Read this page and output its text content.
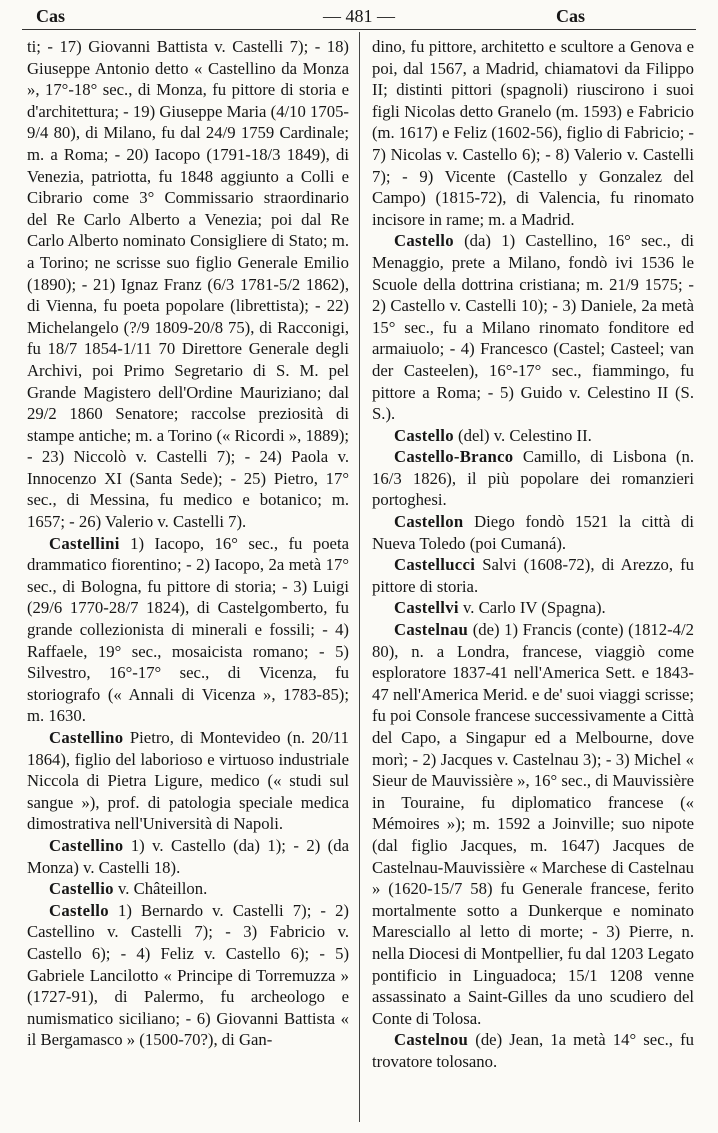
Cas	— 481 —	Cas

ti; - 17) Giovanni Battista v. Castelli 7); - 18) Giuseppe Antonio detto « Castellino da Monza », 17°-18° sec., di Monza, fu pittore di storia e d'architettura; - 19) Giuseppe Maria (4/10 1705-9/4 80), di Milano, fu dal 24/9 1759 Cardinale; m. a Roma; - 20) Iacopo (1791-18/3 1849), di Venezia, patriotta, fu 1848 aggiunto a Colli e Cibrario come 3° Commissario straordinario del Re Carlo Alberto a Venezia; poi dal Re Carlo Alberto nominato Consigliere di Stato; m. a Torino; ne scrisse suo figlio Generale Emilio (1890); - 21) Ignaz Franz (6/3 1781-5/2 1862), di Vienna, fu poeta popolare (librettista); - 22) Michelangelo (?/9 1809-20/8 75), di Racconigi, fu 18/7 1854-1/11 70 Direttore Generale degli Archivi, poi Primo Segretario di S. M. pel Grande Magistero dell'Ordine Mauriziano; dal 29/2 1860 Senatore; raccolse preziosità di stampe antiche; m. a Torino (« Ricordi », 1889); - 23) Niccolò v. Castelli 7); - 24) Paola v. Innocenzo XI (Santa Sede); - 25) Pietro, 17° sec., di Messina, fu medico e botanico; m. 1657; - 26) Valerio v. Castelli 7).

Castellini 1) Iacopo, 16° sec., fu poeta drammatico fiorentino; - 2) Iacopo, 2a metà 17° sec., di Bologna, fu pittore di storia; - 3) Luigi (29/6 1770-28/7 1824), di Castelgomberto, fu grande collezionista di minerali e fossili; - 4) Raffaele, 19° sec., mosaicista romano; - 5) Silvestro, 16°-17° sec., di Vicenza, fu storiografo (« Annali di Vicenza », 1783-85); m. 1630.

Castellino Pietro, di Montevideo (n. 20/11 1864), figlio del laborioso e virtuoso industriale Niccola di Pietra Ligure, medico (« studi sul sangue »), prof. di patologia speciale medica dimostrativa nell'Università di Napoli.

Castellino 1) v. Castello (da) 1); - 2) (da Monza) v. Castelli 18).

Castellio v. Châteillon.

Castello 1) Bernardo v. Castelli 7); - 2) Castellino v. Castelli 7); - 3) Fabricio v. Castello 6); - 4) Feliz v. Castello 6); - 5) Gabriele Lancilotto « Principe di Torremuzza » (1727-91), di Palermo, fu archeologo e numismatico siciliano; - 6) Giovanni Battista « il Bergamasco » (1500-70?), di Gan-

dino, fu pittore, architetto e scultore a Genova e poi, dal 1567, a Madrid, chiamatovi da Filippo II; distinti pittori (spagnoli) riuscirono i suoi figli Nicolas detto Granelo (m. 1593) e Fabricio (m. 1617) e Feliz (1602-56), figlio di Fabricio; - 7) Nicolas v. Castello 6); - 8) Valerio v. Castelli 7); - 9) Vicente (Castello y Gonzalez del Campo) (1815-72), di Valencia, fu rinomato incisore in rame; m. a Madrid.

Castello (da) 1) Castellino, 16° sec., di Menaggio, prete a Milano, fondò ivi 1536 le Scuole della dottrina cristiana; m. 21/9 1575; - 2) Castello v. Castelli 10); - 3) Daniele, 2a metà 15° sec., fu a Milano rinomato fonditore ed armaiuolo; - 4) Francesco (Castel; Casteel; van der Casteelen), 16°-17° sec., fiammingo, fu pittore a Roma; - 5) Guido v. Celestino II (S. S.).

Castello (del) v. Celestino II.

Castello-Branco Camillo, di Lisbona (n. 16/3 1826), il più popolare dei romanzieri portoghesi.

Castellon Diego fondò 1521 la città di Nueva Toledo (poi Cumaná).

Castellucci Salvi (1608-72), di Arezzo, fu pittore di storia.

Castellvi v. Carlo IV (Spagna).

Castelnau (de) 1) Francis (conte) (1812-4/2 80), n. a Londra, francese, viaggiò come esploratore 1837-41 nell'America Sett. e 1843-47 nell'America Merid. e de' suoi viaggi scrisse; fu poi Console francese successivamente a Città del Capo, a Singapur ed a Melbourne, dove morì; - 2) Jacques v. Castelnau 3); - 3) Michel « Sieur de Mauvissière », 16° sec., di Mauvissière in Touraine, fu diplomatico francese (« Mémoires »); m. 1592 a Joinville; suo nipote (dal figlio Jacques, m. 1647) Jacques de Castelnau-Mauvissière « Marchese di Castelnau » (1620-15/7 58) fu Generale francese, ferito mortalmente sotto a Dunkerque e nominato Maresciallo al letto di morte; - 3) Pierre, n. nella Diocesi di Montpellier, fu dal 1203 Legato pontificio in Linguadoca; 15/1 1208 venne assassinato a Saint-Gilles da uno scudiero del Conte di Tolosa.

Castelnou (de) Jean, 1a metà 14° sec., fu trovatore tolosano.
